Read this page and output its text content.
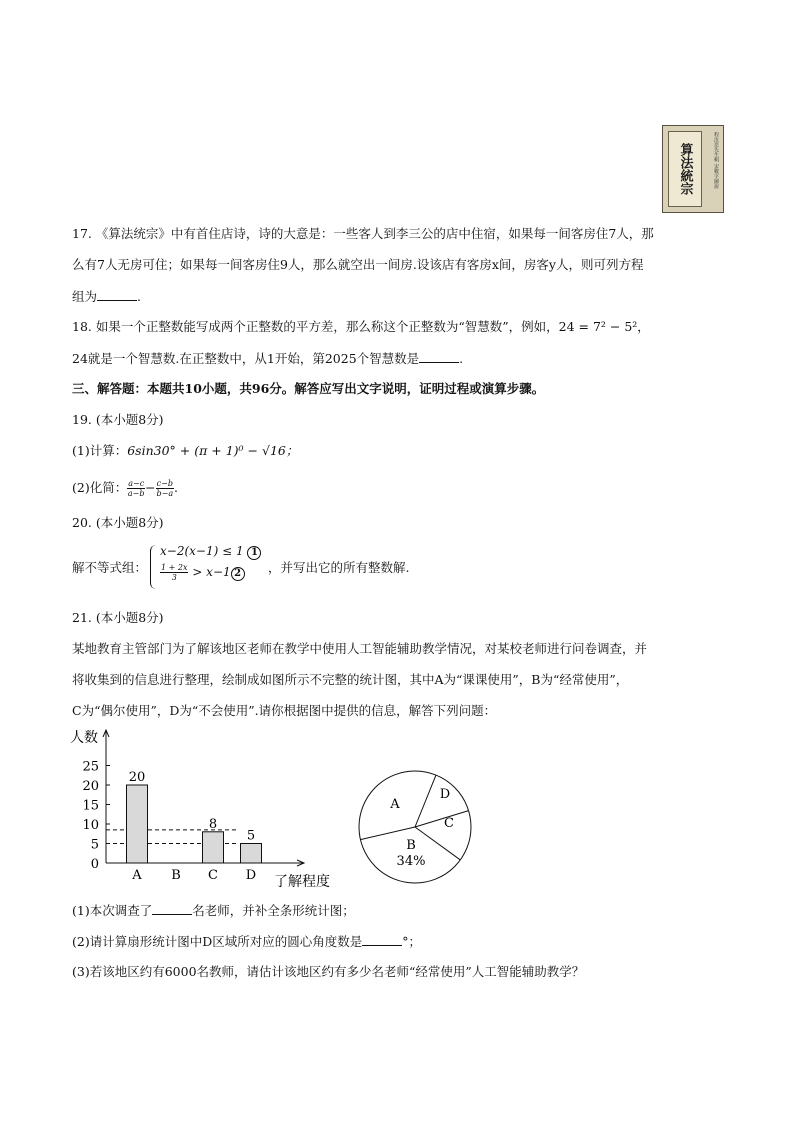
算法統宗	程汝思先生輯 宋數字圖說
17. 《算法统宗》中有首住店诗，诗的大意是：一些客人到李三公的店中住宿，如果每一间客房住7人，那
么有7人无房可住；如果每一间客房住9人，那么就空出一间房.设该店有客房x间，房客y人，则可列方程
组为	.
18. 如果一个正整数能写成两个正整数的平方差，那么称这个正整数为“智慧数”，例如，24 = 7² − 5²，
24就是一个智慧数.在正整数中，从1开始，第2025个智慧数是	.
三、解答题：本题共10小题，共96分。解答应写出文字说明，证明过程或演算步骤。
19. (本小题8分)
(1)计算：6sin30° + (π + 1)⁰ − √16；
(2)化简： $\frac{a-c}{a-b} - \frac{c-b}{b-a}$ .
20. (本小题8分)
解不等式组：
x−2(x−1) ≤ 1 1
$\frac{1 + 2x}{3} > x-1$ 2 ，并写出它的所有整数解.
21. (本小题8分)
某地教育主管部门为了解该地区老师在教学中使用人工智能辅助教学情况，对某校老师进行问卷调查，并
将收集到的信息进行整理，绘制成如图所示不完整的统计图，其中A为“课课使用”，B为“经常使用”，
C为“偶尔使用”，D为“不会使用”.请你根据图中提供的信息，解答下列问题：
人数
了解程度
0
5
10
15
20
25
20
A B
8
C
5
D
A
B
C
D
34%
(1)本次调查了	名老师，并补全条形统计图；
(2)请计算扇形统计图中D区域所对应的圆心角度数是	°；
(3)若该地区约有6000名教师，请估计该地区约有多少名老师“经常使用”人工智能辅助教学？
